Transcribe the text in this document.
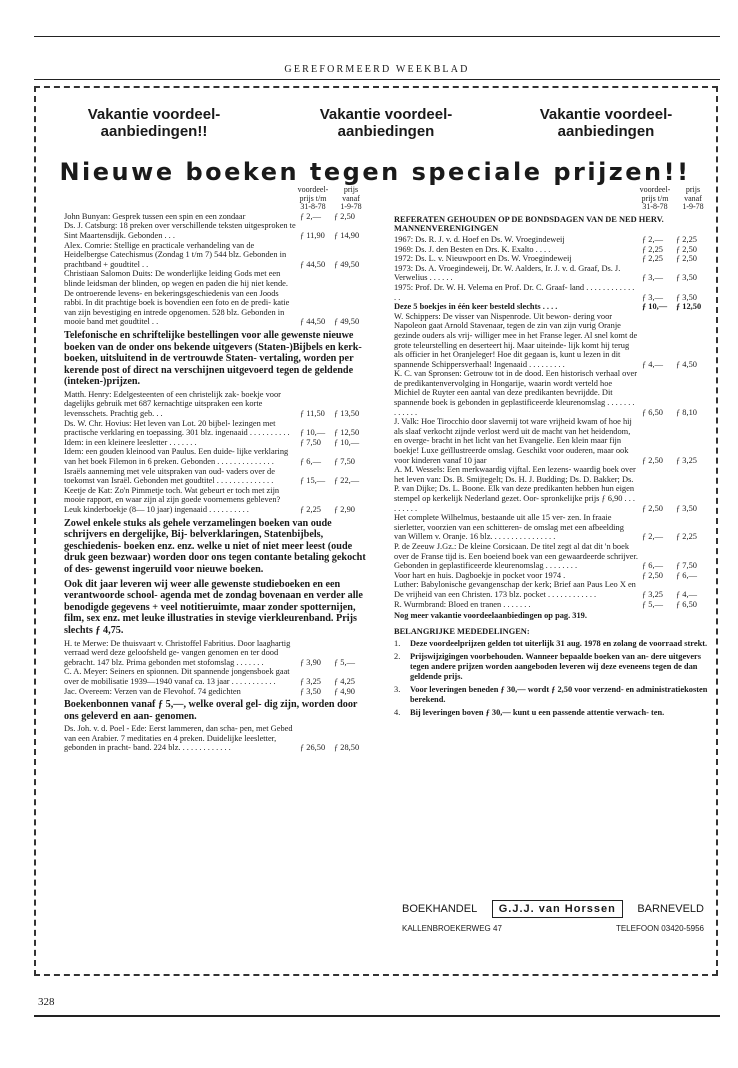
GEREFORMEERD WEEKBLAD
Vakantie voordeel-
aanbiedingen!!
Vakantie voordeel-
aanbiedingen
Vakantie voordeel-
aanbiedingen
Nieuwe boeken tegen speciale prijzen!!
voordeel-
prijs t/m
31-8-78
prijs
vanaf
1-9-78
John Bunyan: Gesprek tussen een spin en een zondaar	ƒ 2,—	ƒ 2,50
Ds. J. Catsburg: 18 preken over verschillende teksten uitgesproken te Sint Maartensdijk. Gebonden . . .	ƒ 11,90	ƒ 14,90
Alex. Comrie: Stellige en practicale verhandeling van de Heidelbergse Catechismus (Zondag 1 t/m 7) 544 blz. Gebonden in prachtband + goudtitel . .	ƒ 44,50	ƒ 49,50
Christiaan Salomon Duits: De wonderlijke leiding Gods met een blinde leidsman der blinden, op wegen en paden die hij niet kende. De ontroerende levens- en bekeringsgeschiedenis van een Joods rabbi. In dit prachtige boek is bovendien een foto en de predi- katie van zijn bevestiging en intrede opgenomen. 528 blz. Gebonden in mooie band met goudtitel . .	ƒ 44,50	ƒ 49,50
Telefonische en schriftelijke bestellingen voor alle gewenste nieuwe boeken van de onder ons bekende uitgevers (Staten-)Bijbels en kerk- boeken, uitsluitend in de vertrouwde Staten- vertaling, worden per kerende post of direct na verschijnen uitgevoerd tegen de geldende (inteken-)prijzen.
Matth. Henry: Edelgesteenten of een christelijk zak- boekje voor dagelijks gebruik met 687 kernachtige uitspraken een korte levensschets. Prachtig geb. . .	ƒ 11,50	ƒ 13,50
Ds. W. Chr. Hovius: Het leven van Lot. 20 bijbel- lezingen met practische verklaring en toepassing. 301 blz. ingenaaid . . . . . . . . . .	ƒ 10,—	ƒ 12,50
Idem: in een kleinere leesletter . . . . . . .	ƒ 7,50	ƒ 10,—
Idem: een gouden kleinood van Paulus. Een duide- lijke verklaring van het boek Filemon in 6 preken. Gebonden . . . . . . . . . . . . . .	ƒ 6,—	ƒ 7,50
Israëls aanneming met vele uitspraken van oud- vaders over de toekomst van Israël. Gebonden met goudtitel . . . . . . . . . . . . . .	ƒ 15,—	ƒ 22,—
Keetje de Kat: Zo'n Pimmetje toch. Wat gebeurt er toch met zijn mooie rapport, en waar zijn al zijn goede voornemens gebleven? Leuk kinderboekje (8— 10 jaar) ingenaaid . . . . . . . . . .	ƒ 2,25	ƒ 2,90
Zowel enkele stuks als gehele verzamelingen boeken van oude schrijvers en dergelijke, Bij- belverklaringen, Statenbijbels, geschiedenis- boeken enz. enz. welke u niet of niet meer leest (oude druk geen bezwaar) worden door ons tegen contante betaling gekocht of des- gewenst ingeruild voor nieuwe boeken.
Ook dit jaar leveren wij weer alle gewenste studieboeken en een verantwoorde school- agenda met de zondag bovenaan en verder alle benodigde gegevens + veel notitieruimte, maar zonder spotternijen, film, sex enz. met leuke illustraties in stevige vierkleurenband. Prijs slechts ƒ 4,75.
H. te Merwe: De thuisvaart v. Christoffel Fabritius. Door laaghartig verraad werd deze geloofsheld ge- vangen genomen en ter dood gebracht. 147 blz. Prima gebonden met stofomslag . . . . . . .	ƒ 3,90	ƒ 5,—
C. A. Meyer: Seiners en spionnen. Dit spannende jongensboek gaat over de mobilisatie 1939—1940 vanaf ca. 13 jaar . . . . . . . . . . .	ƒ 3,25	ƒ 4,25
Jac. Overeem: Verzen van de Flevohof. 74 gedichten	ƒ 3,50	ƒ 4,90
Boekenbonnen vanaf ƒ 5,—, welke overal gel- dig zijn, worden door ons geleverd en aan- genomen.
Ds. Joh. v. d. Poel - Ede: Eerst lammeren, dan scha- pen, met Gebed van een Arabier. 7 meditaties en 4 preken. Duidelijke leesletter, gebonden in pracht- band. 224 blz. . . . . . . . . . . . .	ƒ 26,50	ƒ 28,50
voordeel-
prijs t/m
31-8-78
prijs
vanaf
1-9-78
REFERATEN GEHOUDEN OP DE BONDSDAGEN VAN DE NED HERV. MANNENVERENIGINGEN
1967: Ds. R. J. v. d. Hoef en Ds. W. Vroegindeweij	ƒ 2,—	ƒ 2,25
1969: Ds. J. den Besten en Drs. K. Exalto . . . .	ƒ 2,25	ƒ 2,50
1972: Ds. L. v. Nieuwpoort en Ds. W. Vroegindeweij	ƒ 2,25	ƒ 2,50
1973: Ds. A. Vroegindeweij, Dr. W. Aalders, Ir. J. v. d. Graaf, Ds. J. Verwelius . . . . . .	ƒ 3,—	ƒ 3,50
1975: Prof. Dr. W. H. Velema en Prof. Dr. C. Graaf- land . . . . . . . . . . . . . .	ƒ 3,—	ƒ 3,50
Deze 5 boekjes in één keer besteld slechts . . . .	ƒ 10,—	ƒ 12,50
W. Schippers: De visser van Nispenrode. Uit bewon- dering voor Napoleon gaat Arnold Stavenaar, tegen de zin van zijn vurig Oranje gezinde ouders als vrij- williger mee in het Franse leger. Al snel komt de grote teleurstelling en deserteert hij. Maar uiteinde- lijk komt hij terug als officier in het Oranjeleger! Hoe dit gegaan is, kunt u lezen in dit spannende Schippersverhaal! Ingenaaid . . . . . . . . .	ƒ 4,—	ƒ 4,50
K. C. van Spronsen: Getrouw tot in de dood. Een historisch verhaal over de predikantenvervolging in Hongarije, waarin wordt verteld hoe Michiel de Ruyter een aantal van deze predikanten bevrijdde. Dit spannende boek is gebonden in geplastificeerde kleurenomslag . . . . . . . . . . . . .	ƒ 6,50	ƒ 8,10
J. Valk: Hoe Tirocchio door slavernij tot ware vrijheid kwam of hoe hij als slaaf verkocht zijnde verlost werd uit de macht van het heidendom, en overge- bracht in het licht van het Evangelie. Een klein maar fijn boekje! Luxe geïllustreerde omslag. Geschikt voor ouderen, maar ook voor kinderen vanaf 10 jaar	ƒ 2,50	ƒ 3,25
A. M. Wessels: Een merkwaardig vijftal. Een lezens- waardig boek over het leven van: Ds. B. Smijtegelt; Ds. H. J. Budding; Ds. D. Bakker; Ds. P. van Dijke; Ds. L. Boone. Elk van deze predikanten hebben hun eigen stempel op kerkelijk Nederland gezet. Oor- spronkelijke prijs ƒ 6,90 . . . . . . . . .	ƒ 2,50	ƒ 3,50
Het complete Wilhelmus, bestaande uit alle 15 ver- zen. In fraaie sierletter, voorzien van een schitteren- de omslag met een afbeelding van Willem v. Oranje. 16 blz. . . . . . . . . . . . . . . .	ƒ 2,—	ƒ 2,25
P. de Zeeuw J.Gz.: De kleine Corsicaan. De titel zegt al dat dit 'n boek over de Franse tijd is. Een boeiend boek van een gewaardeerde schrijver. Gebonden in geplastificeerde kleurenomslag . . . . . . . .	ƒ 6,—	ƒ 7,50
Voor hart en huis. Dagboekje in pocket voor 1974 .	ƒ 2,50	ƒ 6,—
Luther: Babylonische gevangenschap der kerk; Brief aan Paus Leo X en De vrijheid van een Christen. 173 blz. pocket . . . . . . . . . . . .	ƒ 3,25	ƒ 4,—
R. Wurmbrand: Bloed en tranen . . . . . . .	ƒ 5,—	ƒ 6,50
Nog meer vakantie voordeelaanbiedingen op pag. 319.
BELANGRIJKE MEDEDELINGEN:
1.	Deze voordeelprijzen gelden tot uiterlijk 31 aug. 1978 en zolang de voorraad strekt.
2.	Prijswijzigingen voorbehouden. Wanneer bepaalde boeken van an- dere uitgevers tegen andere prijzen worden aangeboden leveren wij deze eveneens tegen de dan geldende prijs.
3.	Voor leveringen beneden ƒ 30,— wordt ƒ 2,50 voor verzend- en administratiekosten berekend.
4.	Bij leveringen boven ƒ 30,— kunt u een passende attentie verwach- ten.
BOEKHANDEL	G.J.J. van Horssen	BARNEVELD
KALLENBROEKERWEG 47	TELEFOON 03420-5956
328
